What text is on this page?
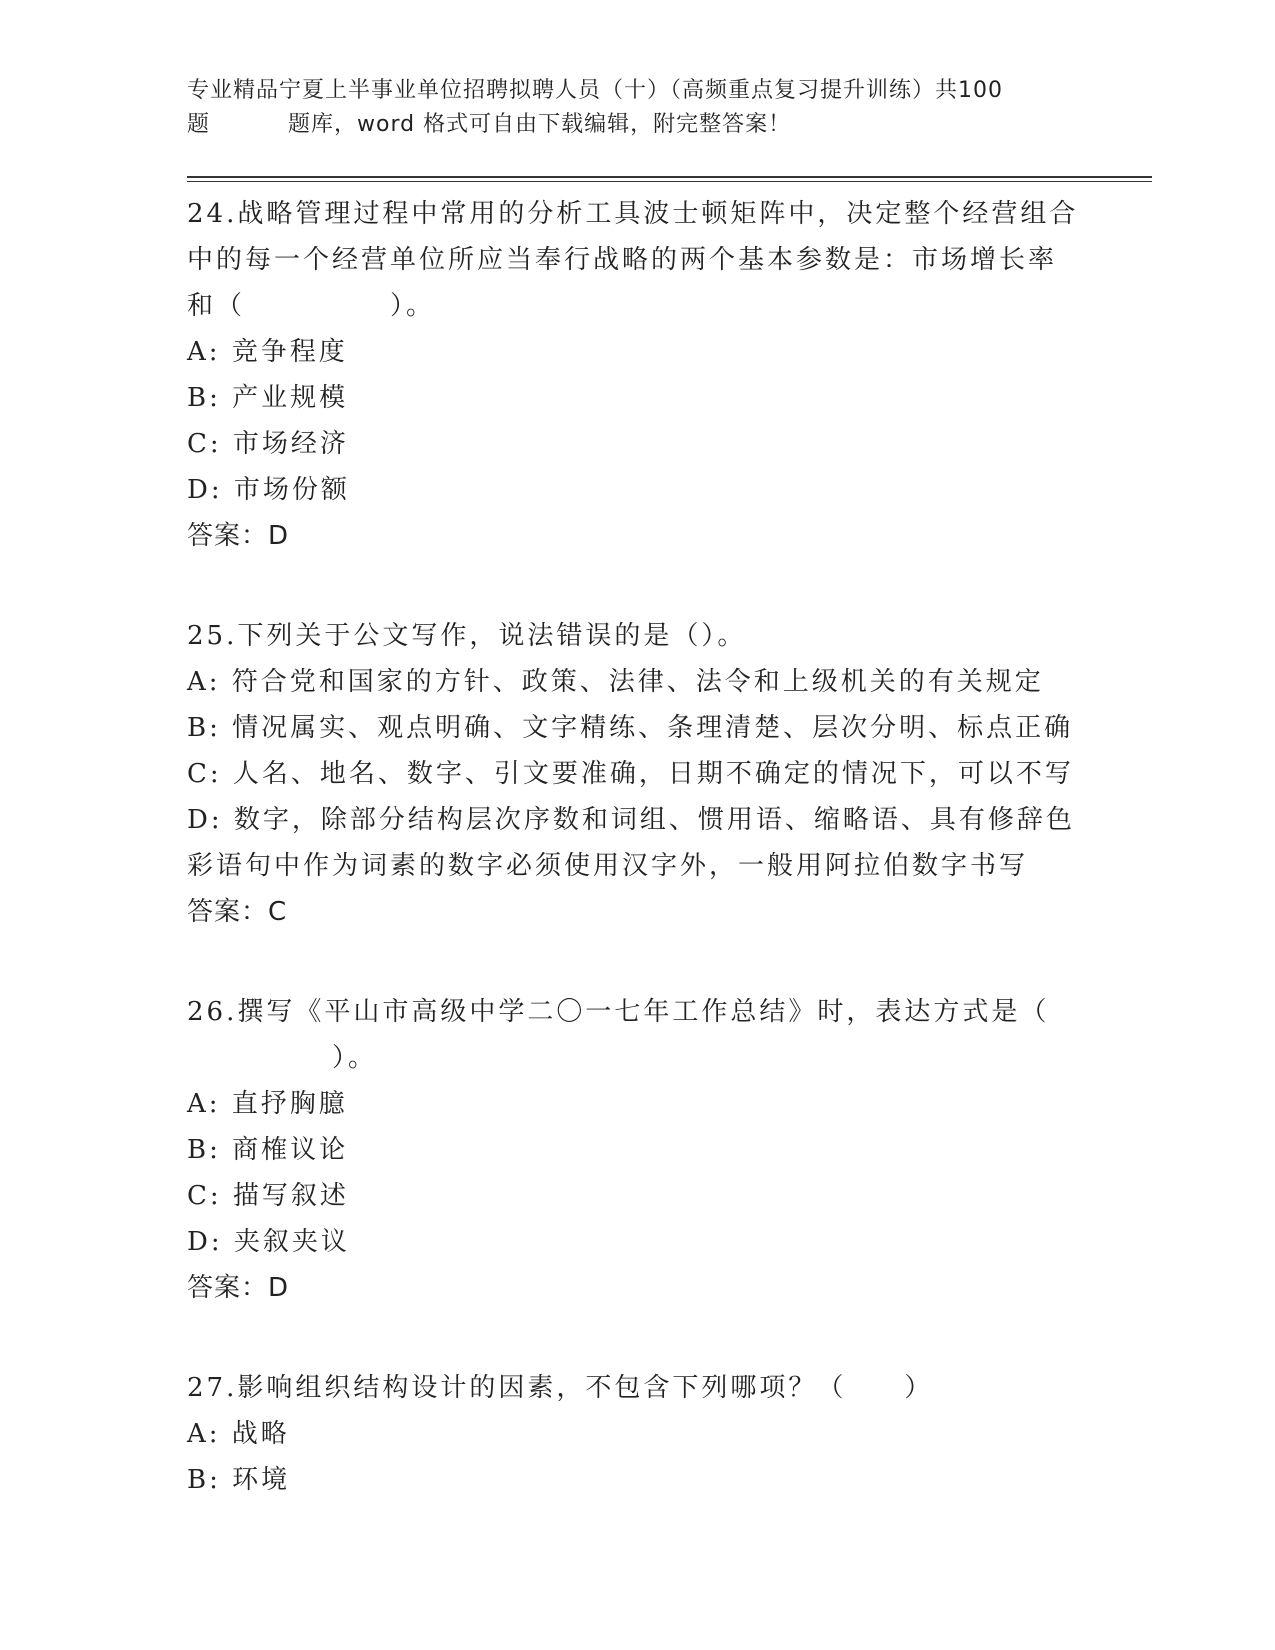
专业精品宁夏上半事业单位招聘拟聘人员（十）（高频重点复习提升训练）共100
题	题库，word 格式可自由下载编辑，附完整答案！
24.战略管理过程中常用的分析工具波士顿矩阵中，决定整个经营组合
中的每一个经营单位所应当奉行战略的两个基本参数是：市场增长率
和（　　　　　）。
A: 竞争程度
B: 产业规模
C: 市场经济
D: 市场份额
答案：D
25.下列关于公文写作，说法错误的是（）。
A: 符合党和国家的方针、政策、法律、法令和上级机关的有关规定
B: 情况属实、观点明确、文字精练、条理清楚、层次分明、标点正确
C: 人名、地名、数字、引文要准确，日期不确定的情况下，可以不写
D: 数字，除部分结构层次序数和词组、惯用语、缩略语、具有修辞色
彩语句中作为词素的数字必须使用汉字外，一般用阿拉伯数字书写
答案：C
26.撰写《平山市高级中学二〇一七年工作总结》时，表达方式是（
　　　　　）。
A: 直抒胸臆
B: 商榷议论
C: 描写叙述
D: 夹叙夹议
答案：D
27.影响组织结构设计的因素，不包含下列哪项？（　　）
A: 战略
B: 环境
